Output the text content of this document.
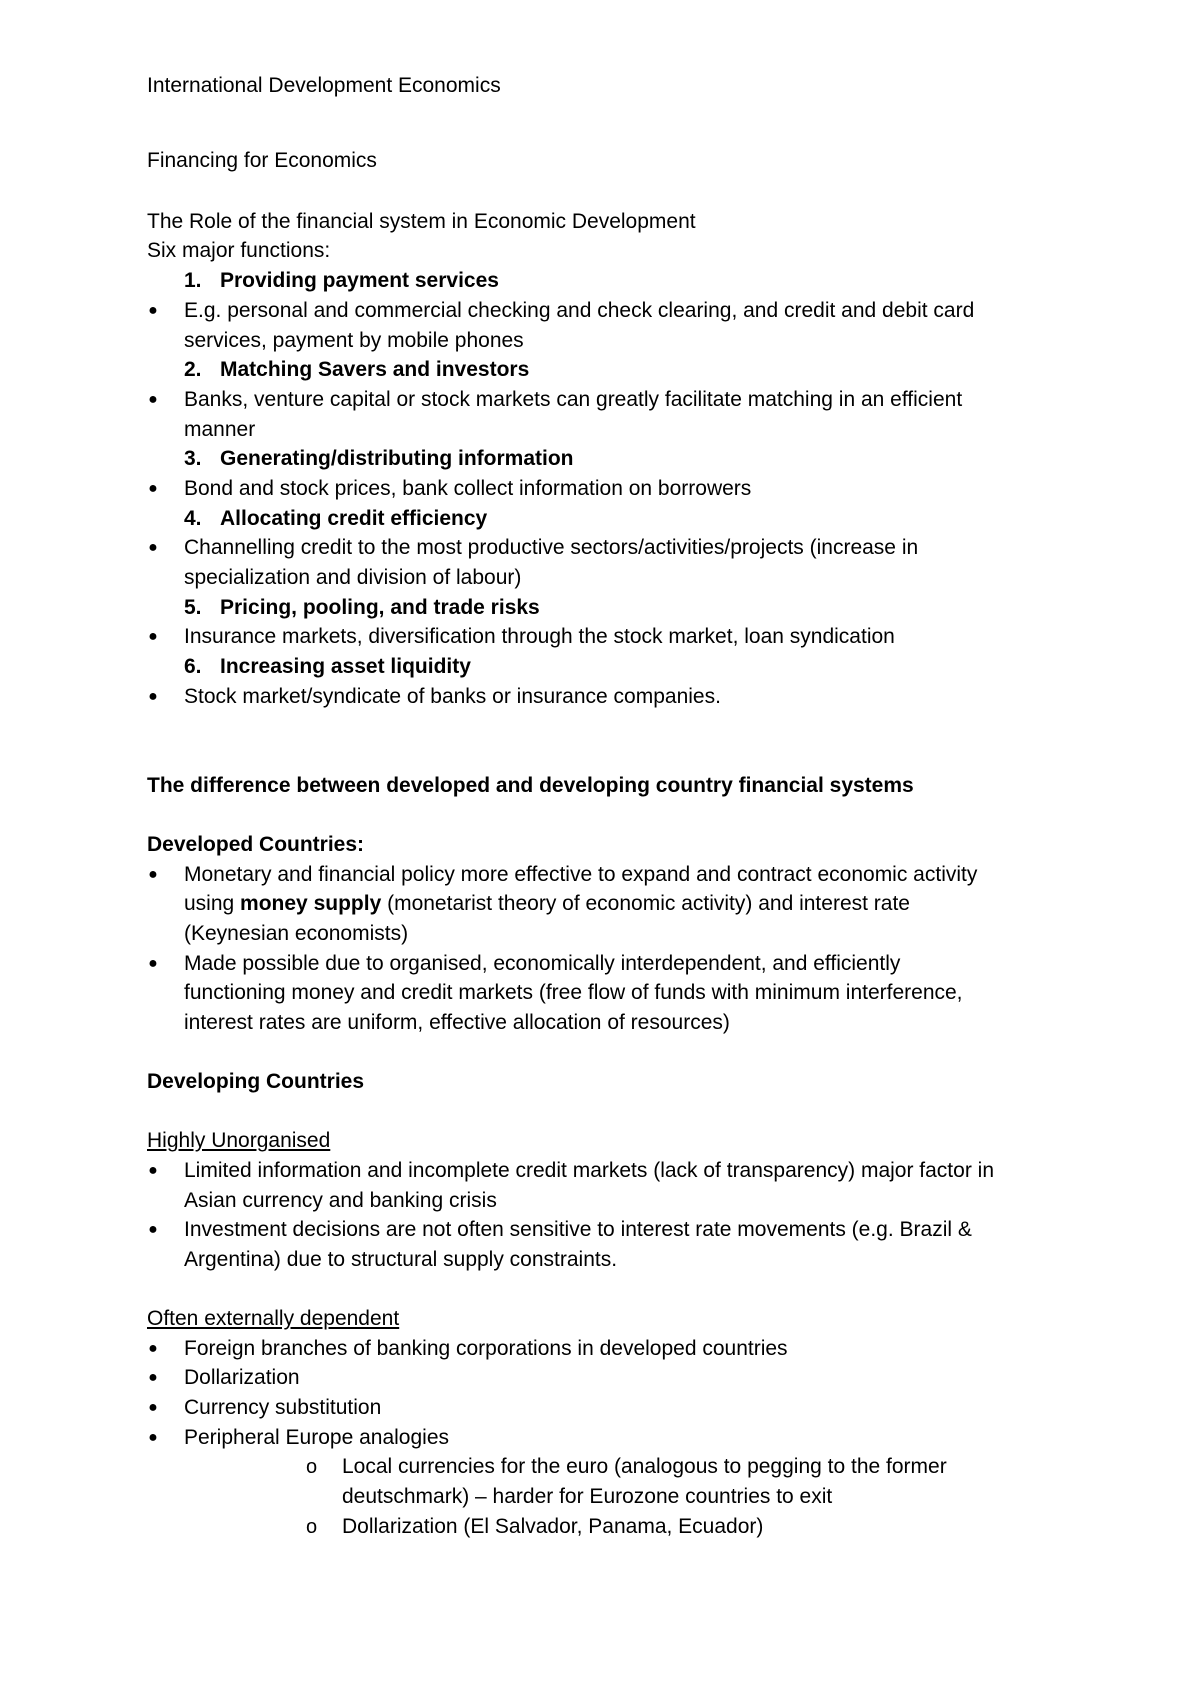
International Development Economics
Financing for Economics
The Role of the financial system in Economic Development
Six major functions:
1. Providing payment services
● E.g. personal and commercial checking and check clearing, and credit and debit card
services, payment by mobile phones
2. Matching Savers and investors
● Banks, venture capital or stock markets can greatly facilitate matching in an efficient
manner
3. Generating/distributing information
● Bond and stock prices, bank collect information on borrowers
4. Allocating credit efficiency
● Channelling credit to the most productive sectors/activities/projects (increase in
specialization and division of labour)
5. Pricing, pooling, and trade risks
● Insurance markets, diversification through the stock market, loan syndication
6. Increasing asset liquidity
● Stock market/syndicate of banks or insurance companies.
The difference between developed and developing country financial systems
Developed Countries:
● Monetary and financial policy more effective to expand and contract economic activity
using money supply (monetarist theory of economic activity) and interest rate
(Keynesian economists)
● Made possible due to organised, economically interdependent, and efficiently
functioning money and credit markets (free flow of funds with minimum interference,
interest rates are uniform, effective allocation of resources)
Developing Countries
Highly Unorganised
● Limited information and incomplete credit markets (lack of transparency) major factor in
Asian currency and banking crisis
● Investment decisions are not often sensitive to interest rate movements (e.g. Brazil &
Argentina) due to structural supply constraints.
Often externally dependent
● Foreign branches of banking corporations in developed countries
● Dollarization
● Currency substitution
● Peripheral Europe analogies
o Local currencies for the euro (analogous to pegging to the former
deutschmark) – harder for Eurozone countries to exit
o Dollarization (El Salvador, Panama, Ecuador)
